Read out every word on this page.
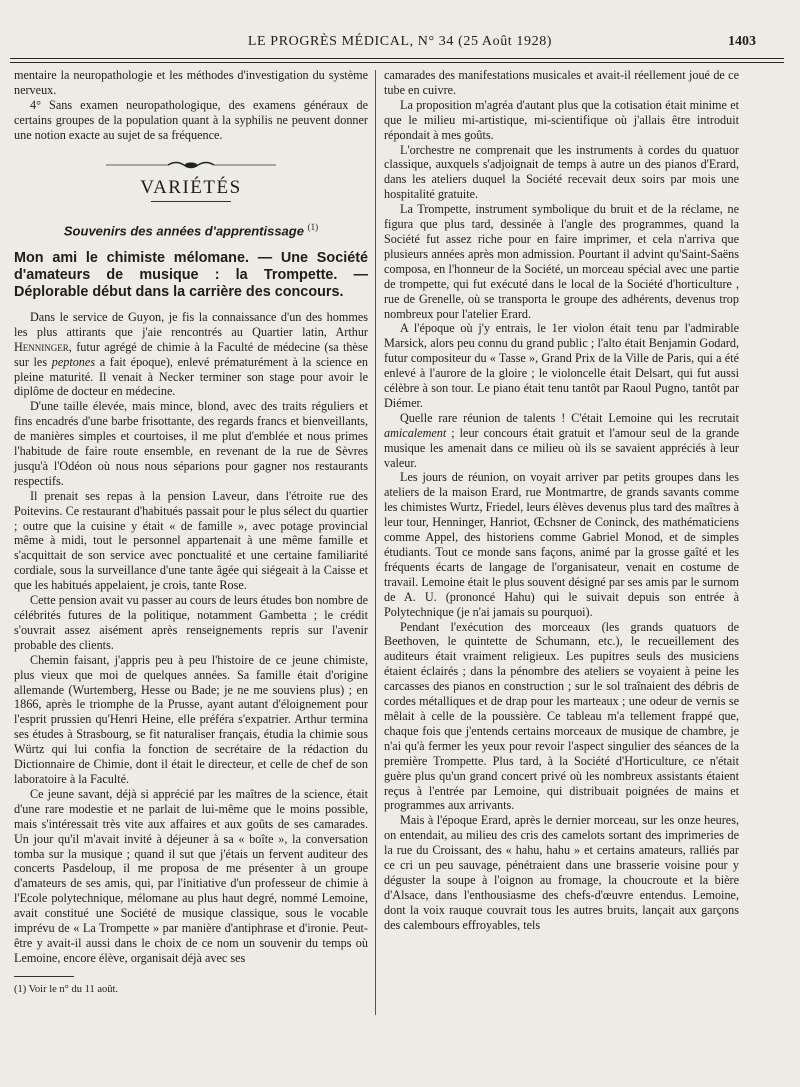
LE PROGRÈS MÉDICAL, N° 34 (25 Août 1928)	1403

mentaire la neuropathologie et les méthodes d'investigation du système nerveux.

4° Sans examen neuropathologique, des examens généraux de certains groupes de la population quant à la syphilis ne peuvent donner une notion exacte au sujet de sa fréquence.

VARIÉTÉS
Souvenirs des années d'apprentissage $^{(1)}$
Mon ami le chimiste mélomane. — Une Société d'amateurs de musique : la Trompette. — Déplorable début dans la carrière des concours.

Dans le service de Guyon, je fis la connaissance d'un des hommes les plus attirants que j'aie rencontrés au Quartier latin, Arthur Henninger, futur agrégé de chimie à la Faculté de médecine (sa thèse sur les peptones a fait époque), enlevé prématurément à la science en pleine maturité. Il venait à Necker terminer son stage pour avoir le diplôme de docteur en médecine.

D'une taille élevée, mais mince, blond, avec des traits réguliers et fins encadrés d'une barbe frisottante, des regards francs et bienveillants, de manières simples et courtoises, il me plut d'emblée et nous primes l'habitude de faire route ensemble, en revenant de la rue de Sèvres jusqu'à l'Odéon où nous nous séparions pour gagner nos restaurants respectifs.

Il prenait ses repas à la pension Laveur, dans l'étroite rue des Poitevins. Ce restaurant d'habitués passait pour le plus sélect du quartier ; outre que la cuisine y était « de famille », avec potage provincial même à midi, tout le personnel appartenait à une même famille et s'acquittait de son service avec ponctualité et une certaine familiarité cordiale, sous la surveillance d'une tante âgée qui siégeait à la Caisse et que les habitués appelaient, je crois, tante Rose.

Cette pension avait vu passer au cours de leurs études bon nombre de célébrités futures de la politique, notamment Gambetta ; le crédit s'ouvrait assez aisément après renseignements repris sur l'avenir probable des clients.

Chemin faisant, j'appris peu à peu l'histoire de ce jeune chimiste, plus vieux que moi de quelques années. Sa famille était d'origine allemande (Wurtemberg, Hesse ou Bade; je ne me souviens plus) ; en 1866, après le triomphe de la Prusse, ayant autant d'éloignement pour l'esprit prussien qu'Henri Heine, elle préféra s'expatrier. Arthur termina ses études à Strasbourg, se fit naturaliser français, étudia la chimie sous Würtz qui lui confia la fonction de secrétaire de la rédaction du Dictionnaire de Chimie, dont il était le directeur, et celle de chef de son laboratoire à la Faculté.

Ce jeune savant, déjà si apprécié par les maîtres de la science, était d'une rare modestie et ne parlait de lui-même que le moins possible, mais s'intéressait très vite aux affaires et aux goûts de ses camarades. Un jour qu'il m'avait invité à déjeuner à sa « boîte », la conversation tomba sur la musique ; quand il sut que j'étais un fervent auditeur des concerts Pasdeloup, il me proposa de me présenter à un groupe d'amateurs de ses amis, qui, par l'initiative d'un professeur de chimie à l'Ecole polytechnique, mélomane au plus haut degré, nommé Lemoine, avait constitué une Société de musique classique, sous le vocable imprévu de « La Trompette » par manière d'antiphrase et d'ironie. Peut-être y avait-il aussi dans le choix de ce nom un souvenir du temps où Lemoine, encore élève, organisait déjà avec ses

(1) Voir le n° du 11 août.

camarades des manifestations musicales et avait-il réellement joué de ce tube en cuivre.

La proposition m'agréa d'autant plus que la cotisation était minime et que le milieu mi-artistique, mi-scientifique où j'allais être introduit répondait à mes goûts.

L'orchestre ne comprenait que les instruments à cordes du quatuor classique, auxquels s'adjoignait de temps à autre un des pianos d'Erard, dans les ateliers duquel la Société recevait deux soirs par mois une hospitalité gratuite.

La Trompette, instrument symbolique du bruit et de la réclame, ne figura que plus tard, dessinée à l'angle des programmes, quand la Société fut assez riche pour en faire imprimer, et cela n'arriva que plusieurs années après mon admission. Pourtant il advint qu'Saint-Saëns composa, en l'honneur de la Société, un morceau spécial avec une partie de trompette, qui fut exécuté dans le local de la Société d'horticulture , rue de Grenelle, où se transporta le groupe des adhérents, devenus trop nombreux pour l'atelier Erard.

A l'époque où j'y entrais, le 1er violon était tenu par l'admirable Marsick, alors peu connu du grand public ; l'alto était Benjamin Godard, futur compositeur du « Tasse », Grand Prix de la Ville de Paris, qui a été enlevé à l'aurore de la gloire ; le violoncelle était Delsart, qui fut aussi célèbre à son tour. Le piano était tenu tantôt par Raoul Pugno, tantôt par Diémer.

Quelle rare réunion de talents ! C'était Lemoine qui les recrutait amicalement ; leur concours était gratuit et l'amour seul de la grande musique les amenait dans ce milieu où ils se savaient appréciés à leur valeur.

Les jours de réunion, on voyait arriver par petits groupes dans les ateliers de la maison Erard, rue Montmartre, de grands savants comme les chimistes Wurtz, Friedel, leurs élèves devenus plus tard des maîtres à leur tour, Henninger, Hanriot, Œchsner de Coninck, des mathématiciens comme Appel, des historiens comme Gabriel Monod, et de simples étudiants. Tout ce monde sans façons, animé par la grosse gaîté et les fréquents écarts de langage de l'organisateur, venait en costume de travail. Lemoine était le plus souvent désigné par ses amis par le surnom de A. U. (prononcé Hahu) qui le suivait depuis son entrée à Polytechnique (je n'ai jamais su pourquoi).

Pendant l'exécution des morceaux (les grands quatuors de Beethoven, le quintette de Schumann, etc.), le recueillement des auditeurs était vraiment religieux. Les pupitres seuls des musiciens étaient éclairés ; dans la pénombre des ateliers se voyaient à peine les carcasses des pianos en construction ; sur le sol traînaient des débris de cordes métalliques et de drap pour les marteaux ; une odeur de vernis se mêlait à celle de la poussière. Ce tableau m'a tellement frappé que, chaque fois que j'entends certains morceaux de musique de chambre, je n'ai qu'à fermer les yeux pour revoir l'aspect singulier des séances de la première Trompette. Plus tard, à la Société d'Horticulture, ce n'était guère plus qu'un grand concert privé où les nombreux assistants étaient reçus à l'entrée par Lemoine, qui distribuait poignées de mains et programmes aux arrivants.

Mais à l'époque Erard, après le dernier morceau, sur les onze heures, on entendait, au milieu des cris des camelots sortant des imprimeries de la rue du Croissant, des « hahu, hahu » et certains amateurs, ralliés par ce cri un peu sauvage, pénétraient dans une brasserie voisine pour y déguster la soupe à l'oignon au fromage, la choucroute et la bière d'Alsace, dans l'enthousiasme des chefs-d'œuvre entendus. Lemoine, dont la voix rauque couvrait tous les autres bruits, lançait aux garçons des calembours effroyables, tels
